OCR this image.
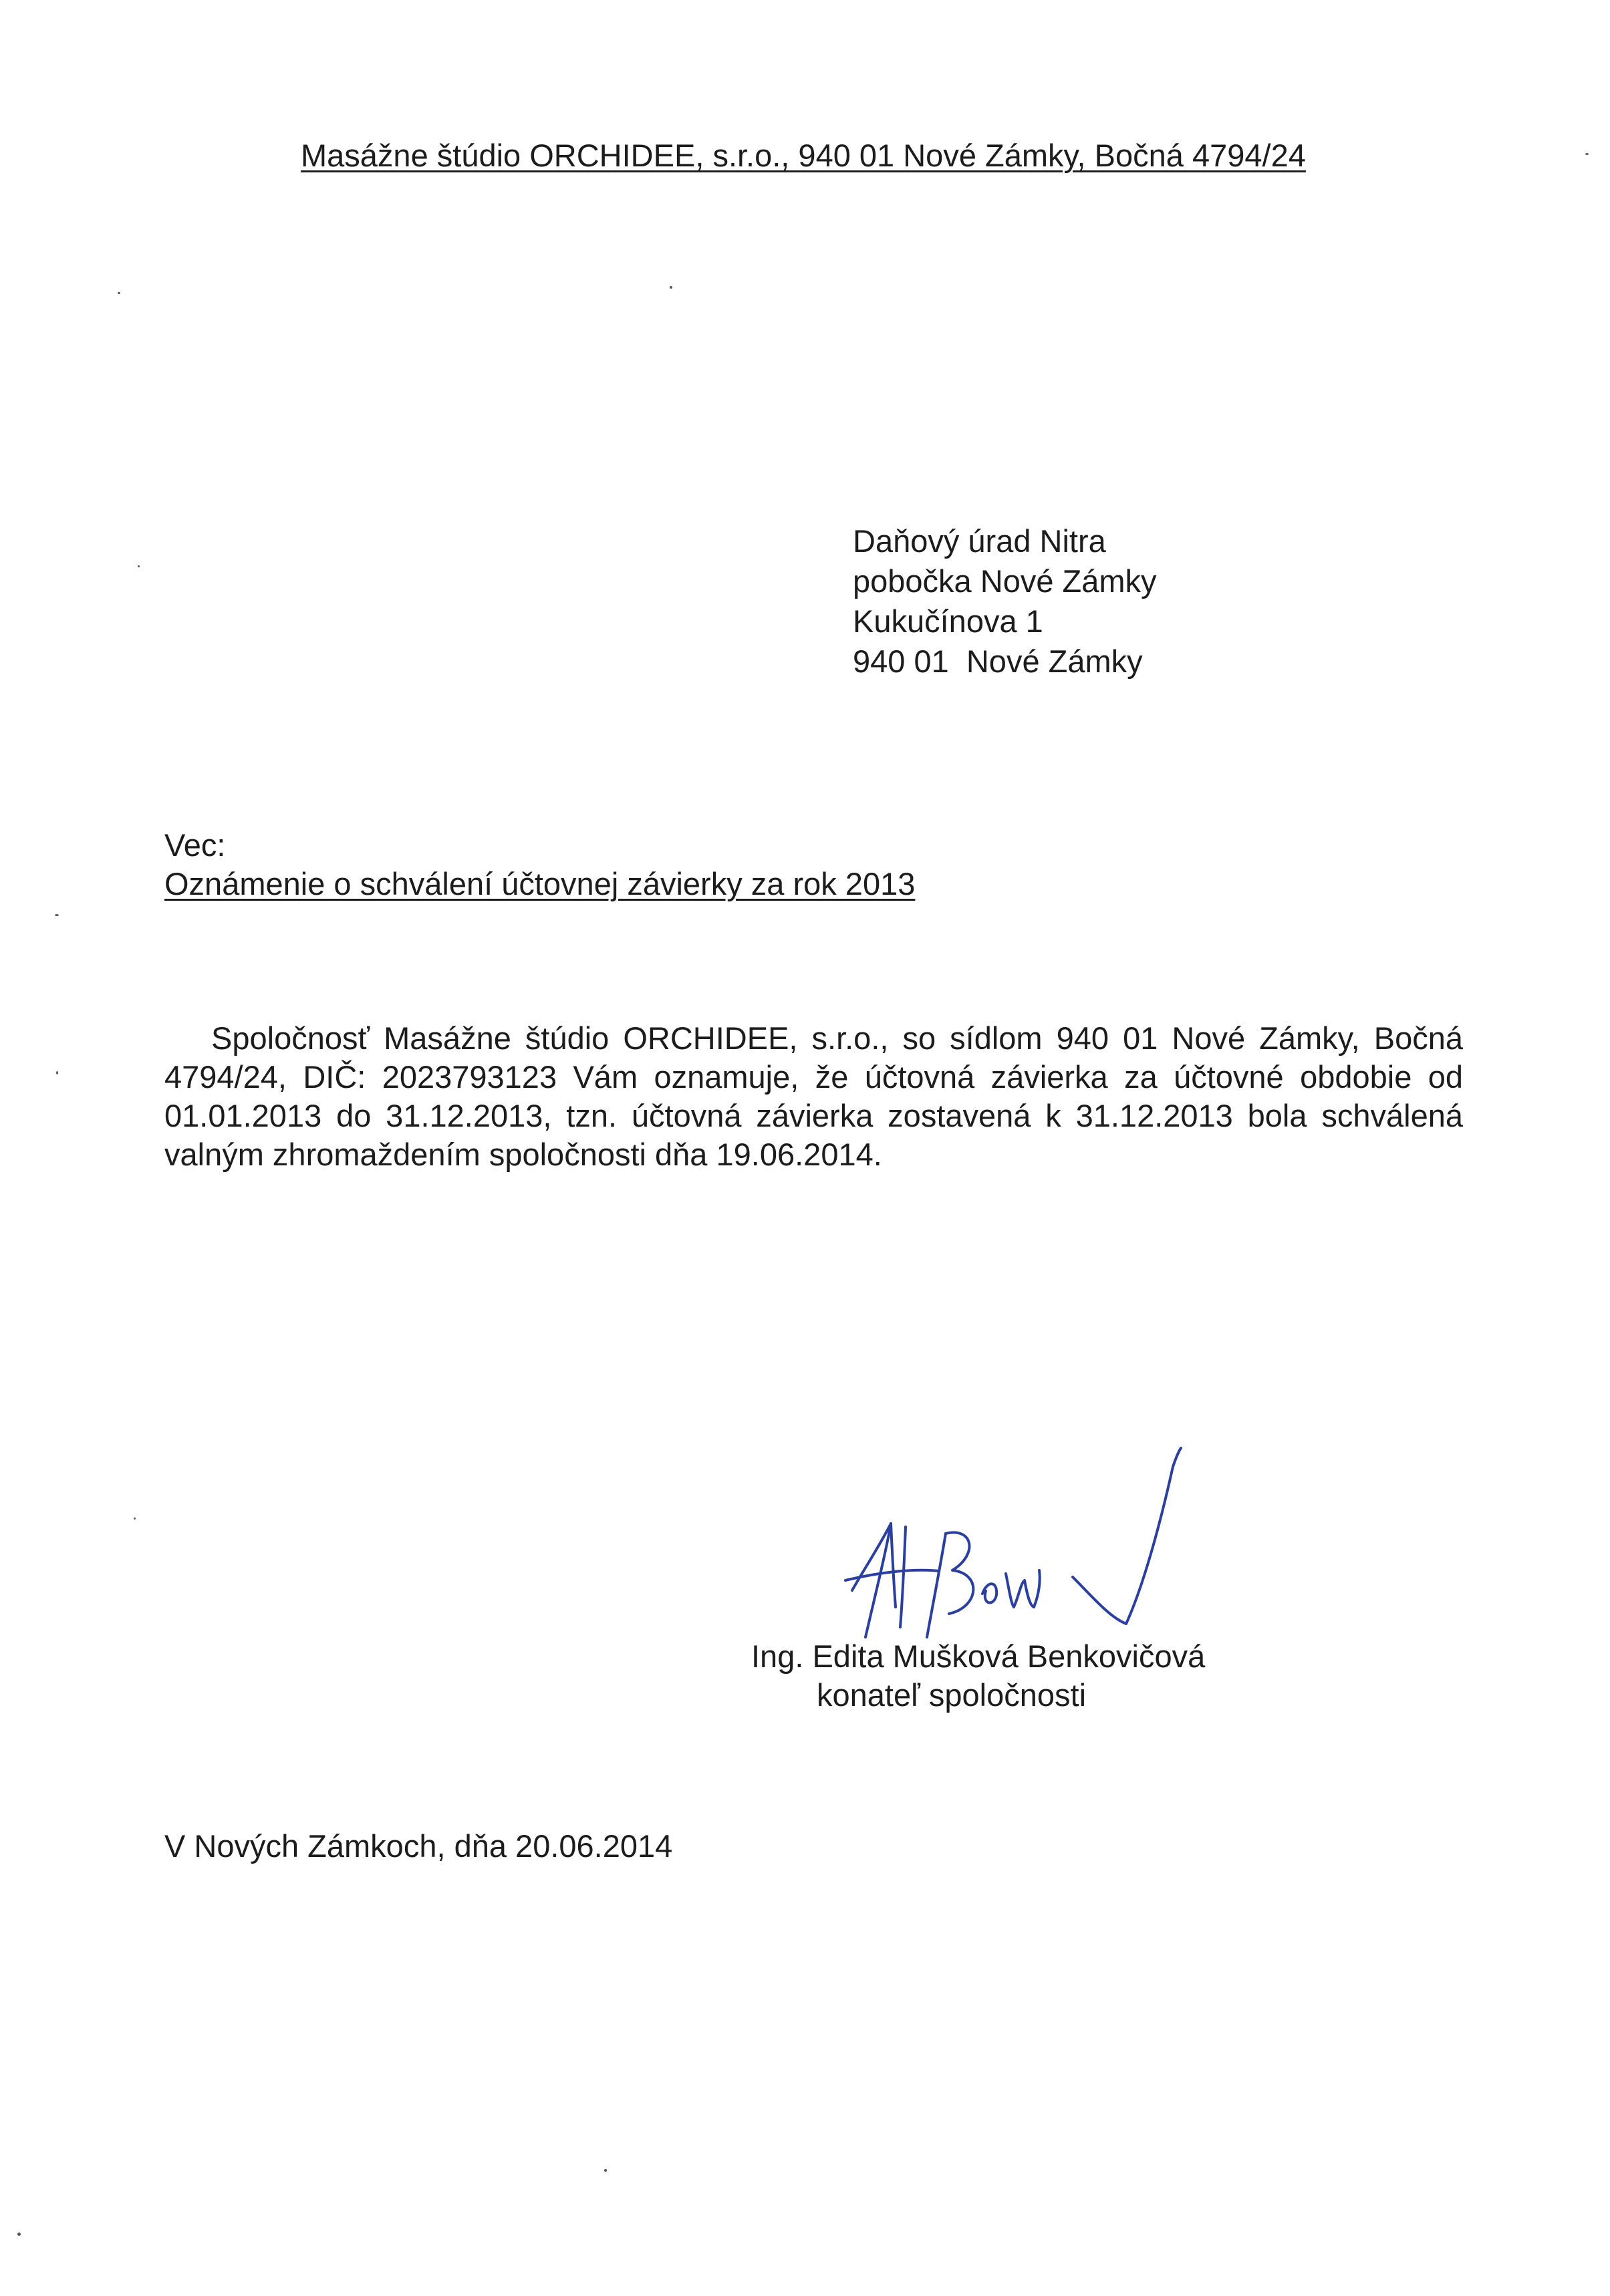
Masážne štúdio ORCHIDEE, s.r.o., 940 01 Nové Zámky, Bočná 4794/24
Daňový úrad Nitra
pobočka Nové Zámky
Kukučínova 1
940 01  Nové Zámky
Vec:
Oznámenie o schválení účtovnej závierky za rok 2013
Spoločnosť Masážne štúdio ORCHIDEE, s.r.o., so sídlom 940 01 Nové Zámky, Bočná
4794/24, DIČ: 2023793123 Vám oznamuje, že účtovná závierka za účtovné obdobie od
01.01.2013 do 31.12.2013, tzn. účtovná závierka zostavená k 31.12.2013 bola schválená
valným zhromaždením spoločnosti dňa 19.06.2014.
Ing. Edita Mušková Benkovičová
konateľ spoločnosti
V Nových Zámkoch, dňa 20.06.2014
